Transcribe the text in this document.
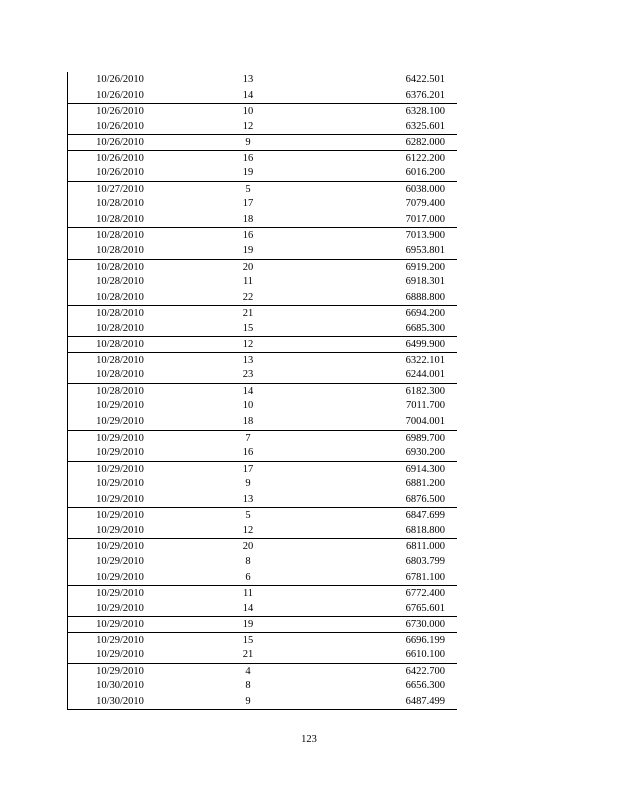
10/26/2010	13	6422.501
10/26/2010	14	6376.201
10/26/2010	10	6328.100
10/26/2010	12	6325.601
10/26/2010	9	6282.000
10/26/2010	16	6122.200
10/26/2010	19	6016.200
10/27/2010	5	6038.000
10/28/2010	17	7079.400
10/28/2010	18	7017.000
10/28/2010	16	7013.900
10/28/2010	19	6953.801
10/28/2010	20	6919.200
10/28/2010	11	6918.301
10/28/2010	22	6888.800
10/28/2010	21	6694.200
10/28/2010	15	6685.300
10/28/2010	12	6499.900
10/28/2010	13	6322.101
10/28/2010	23	6244.001
10/28/2010	14	6182.300
10/29/2010	10	7011.700
10/29/2010	18	7004.001
10/29/2010	7	6989.700
10/29/2010	16	6930.200
10/29/2010	17	6914.300
10/29/2010	9	6881.200
10/29/2010	13	6876.500
10/29/2010	5	6847.699
10/29/2010	12	6818.800
10/29/2010	20	6811.000
10/29/2010	8	6803.799
10/29/2010	6	6781.100
10/29/2010	11	6772.400
10/29/2010	14	6765.601
10/29/2010	19	6730.000
10/29/2010	15	6696.199
10/29/2010	21	6610.100
10/29/2010	4	6422.700
10/30/2010	8	6656.300
10/30/2010	9	6487.499
123
